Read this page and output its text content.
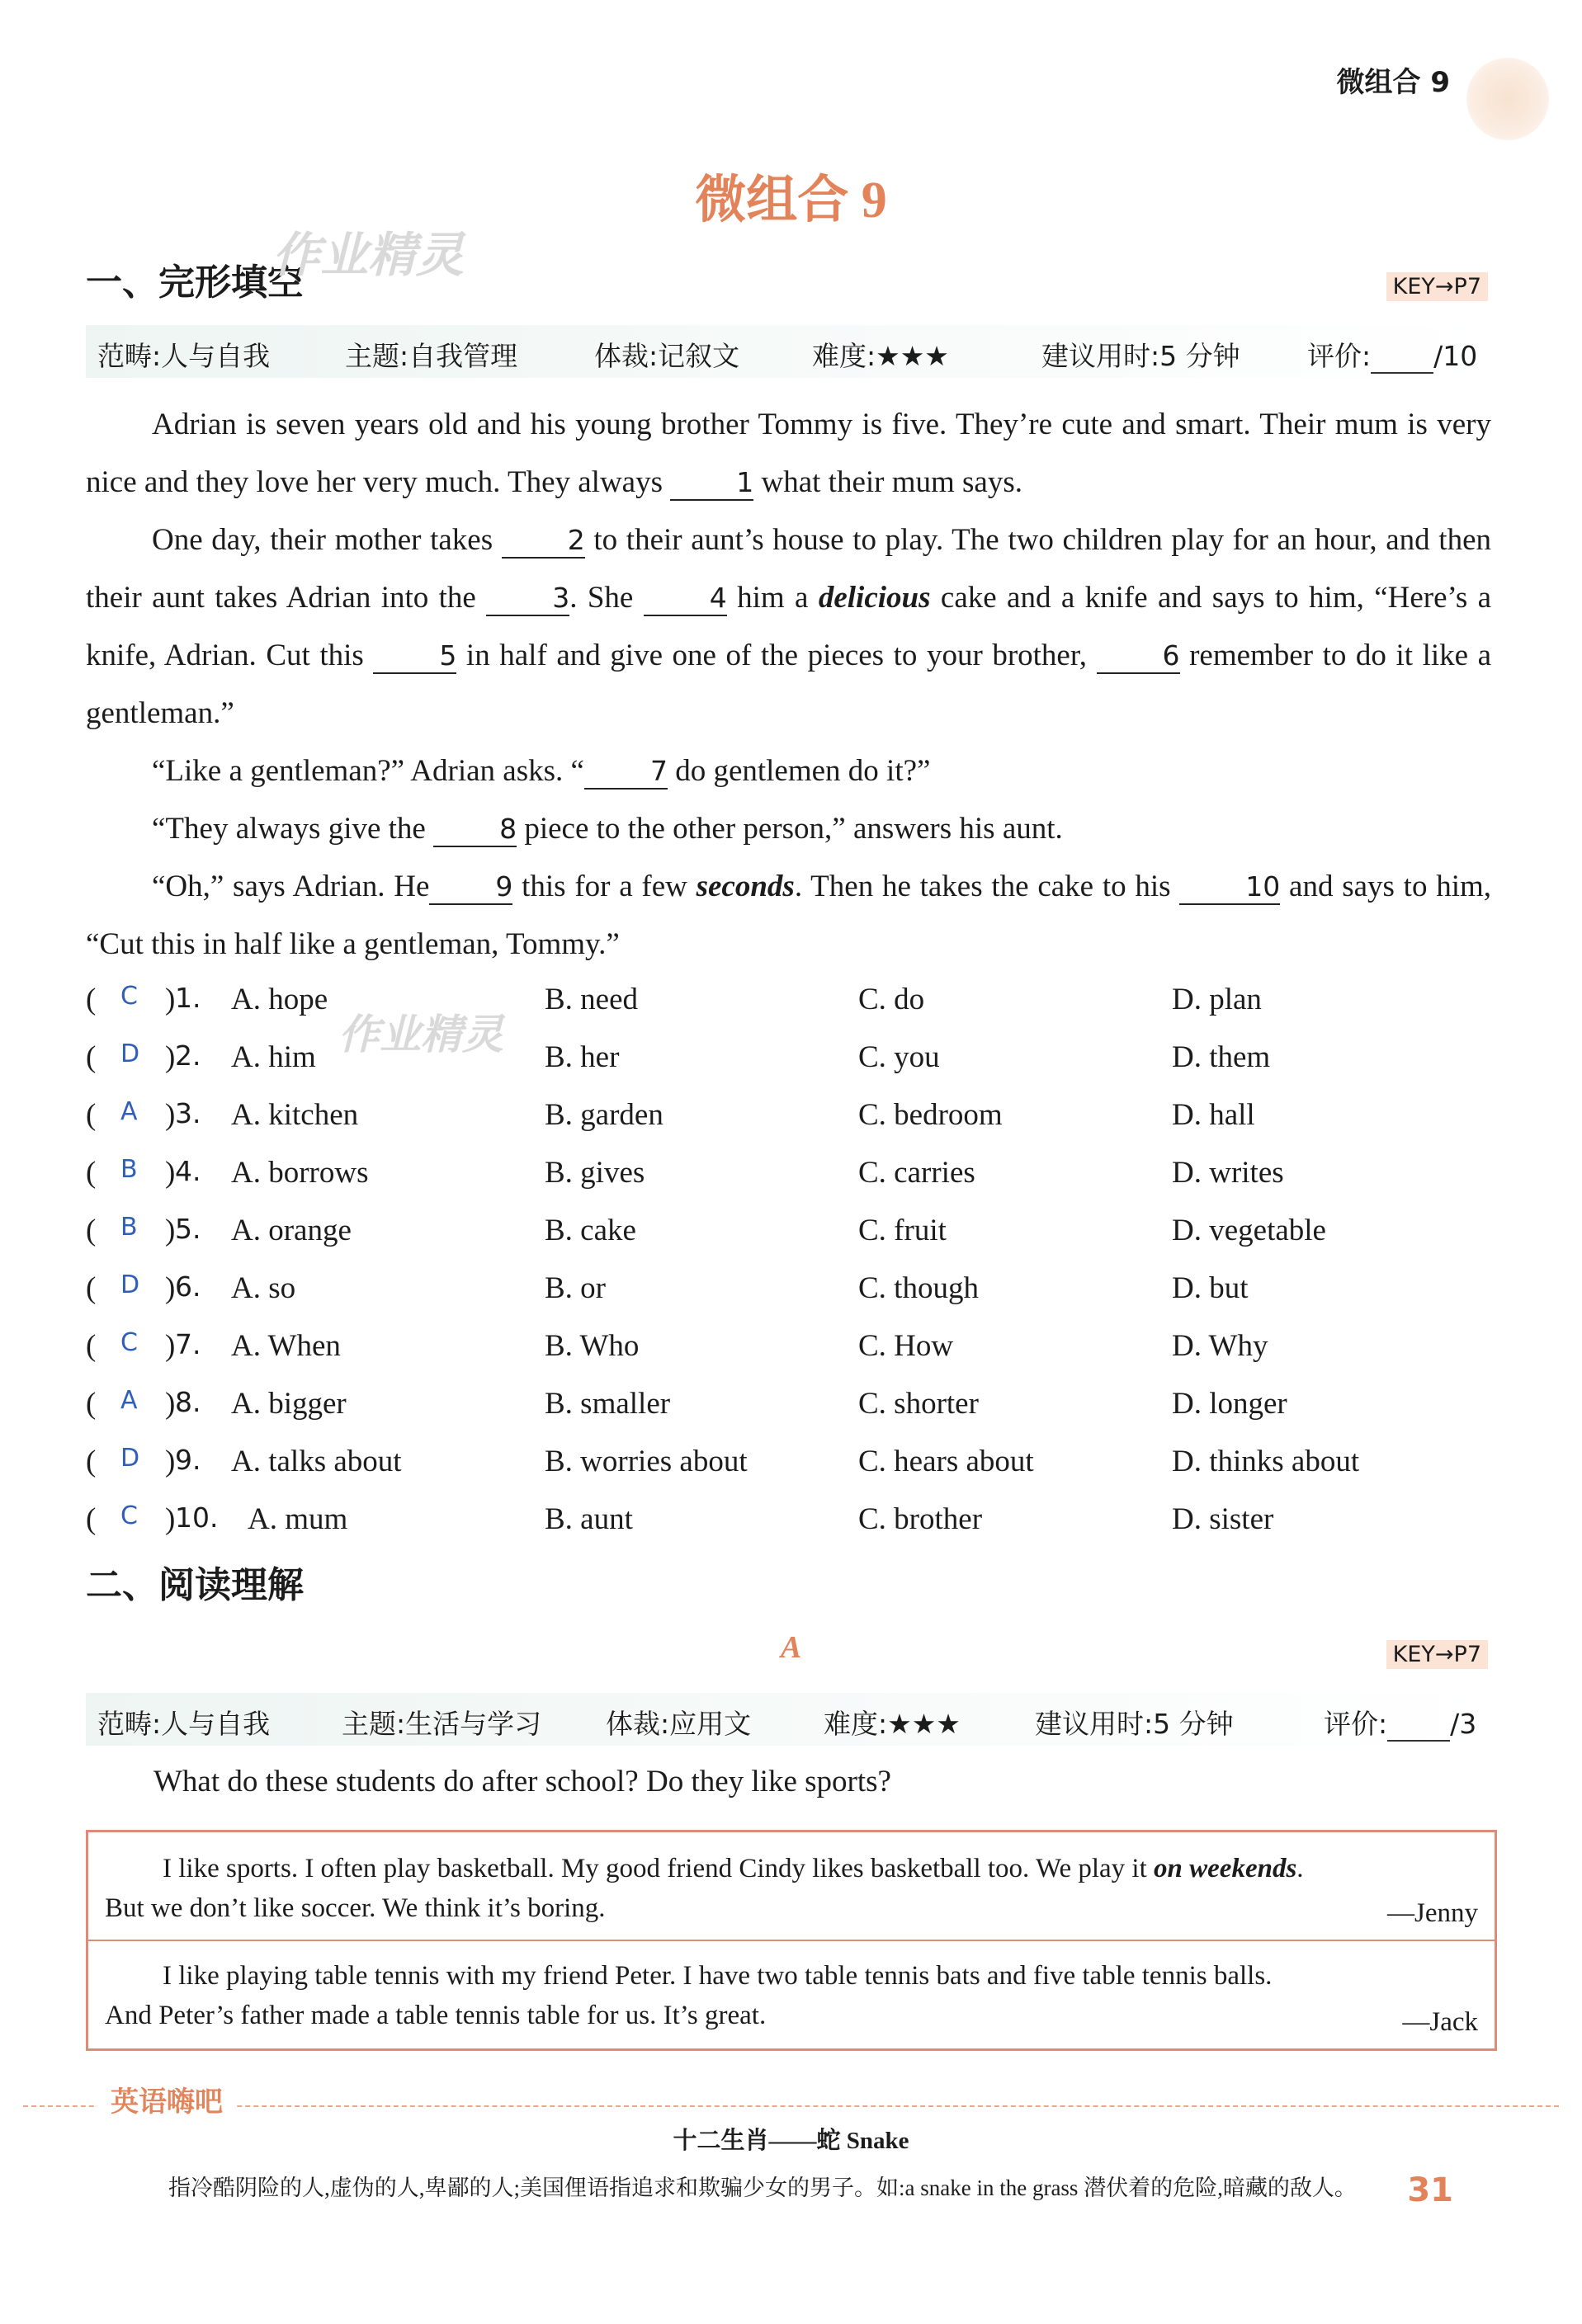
微组合 9
微组合 9
一、完形填空
作业精灵
KEY→P7
范畴:人与自我	主题:自我管理	体裁:记叙文	难度:★★★	建议用时:5 分钟 评价: /10

Adrian is seven years old and his young brother Tommy is five. They’re cute and smart. Their mum is very nice and they love her very much. They always	1 what their mum says.

One day, their mother takes	2 to their aunt’s house to play. The two children play for an hour, and then their aunt takes Adrian into the	3. She	4 him a delicious cake and a knife and says to him, “Here’s a knife, Adrian. Cut this	5 in half and give one of the pieces to your brother,	6 remember to do it like a gentleman.”

“Like a gentleman?” Adrian asks. “ 7 do gentlemen do it?”

“They always give the	8 piece to the other person,” answers his aunt.

“Oh,” says Adrian. He 9 this for a few seconds. Then he takes the cake to his	10 and says to him, “Cut this in half like a gentleman, Tommy.”

( C ) 1. A. hope	B. need	C. do	D. plan
( D ) 2. A. him	B. her	C. you	D. them
作业精灵
( A ) 3. A. kitchen	B. garden	C. bedroom	D. hall
( B ) 4. A. borrows	B. gives	C. carries	D. writes
( B ) 5. A. orange	B. cake	C. fruit	D. vegetable
( D ) 6. A. so	B. or	C. though	D. but
( C ) 7. A. When	B. Who	C. How	D. Why
( A ) 8. A. bigger	B. smaller	C. shorter	D. longer
( D ) 9. A. talks about	B. worries about	C. hears about	D. thinks about
( C ) 10. A. mum	B. aunt	C. brother	D. sister
二、阅读理解
A	KEY→P7
范畴:人与自我	主题:生活与学习 体裁:应用文	难度:★★★	建议用时:5 分钟	评价: /3
What do these students do after school? Do they like sports?
I like sports. I often play basketball. My good friend Cindy likes basketball too. We play it on weekends.
But we don’t like soccer. We think it’s boring.	—Jenny
I like playing table tennis with my friend Peter. I have two table tennis bats and five table tennis balls.
And Peter’s father made a table tennis table for us. It’s great.	—Jack
英语嗨吧
十二生肖——蛇 Snake
指冷酷阴险的人,虚伪的人,卑鄙的人;美国俚语指追求和欺骗少女的男子。如:a snake in the grass 潜伏着的危险,暗藏的敌人。	31
